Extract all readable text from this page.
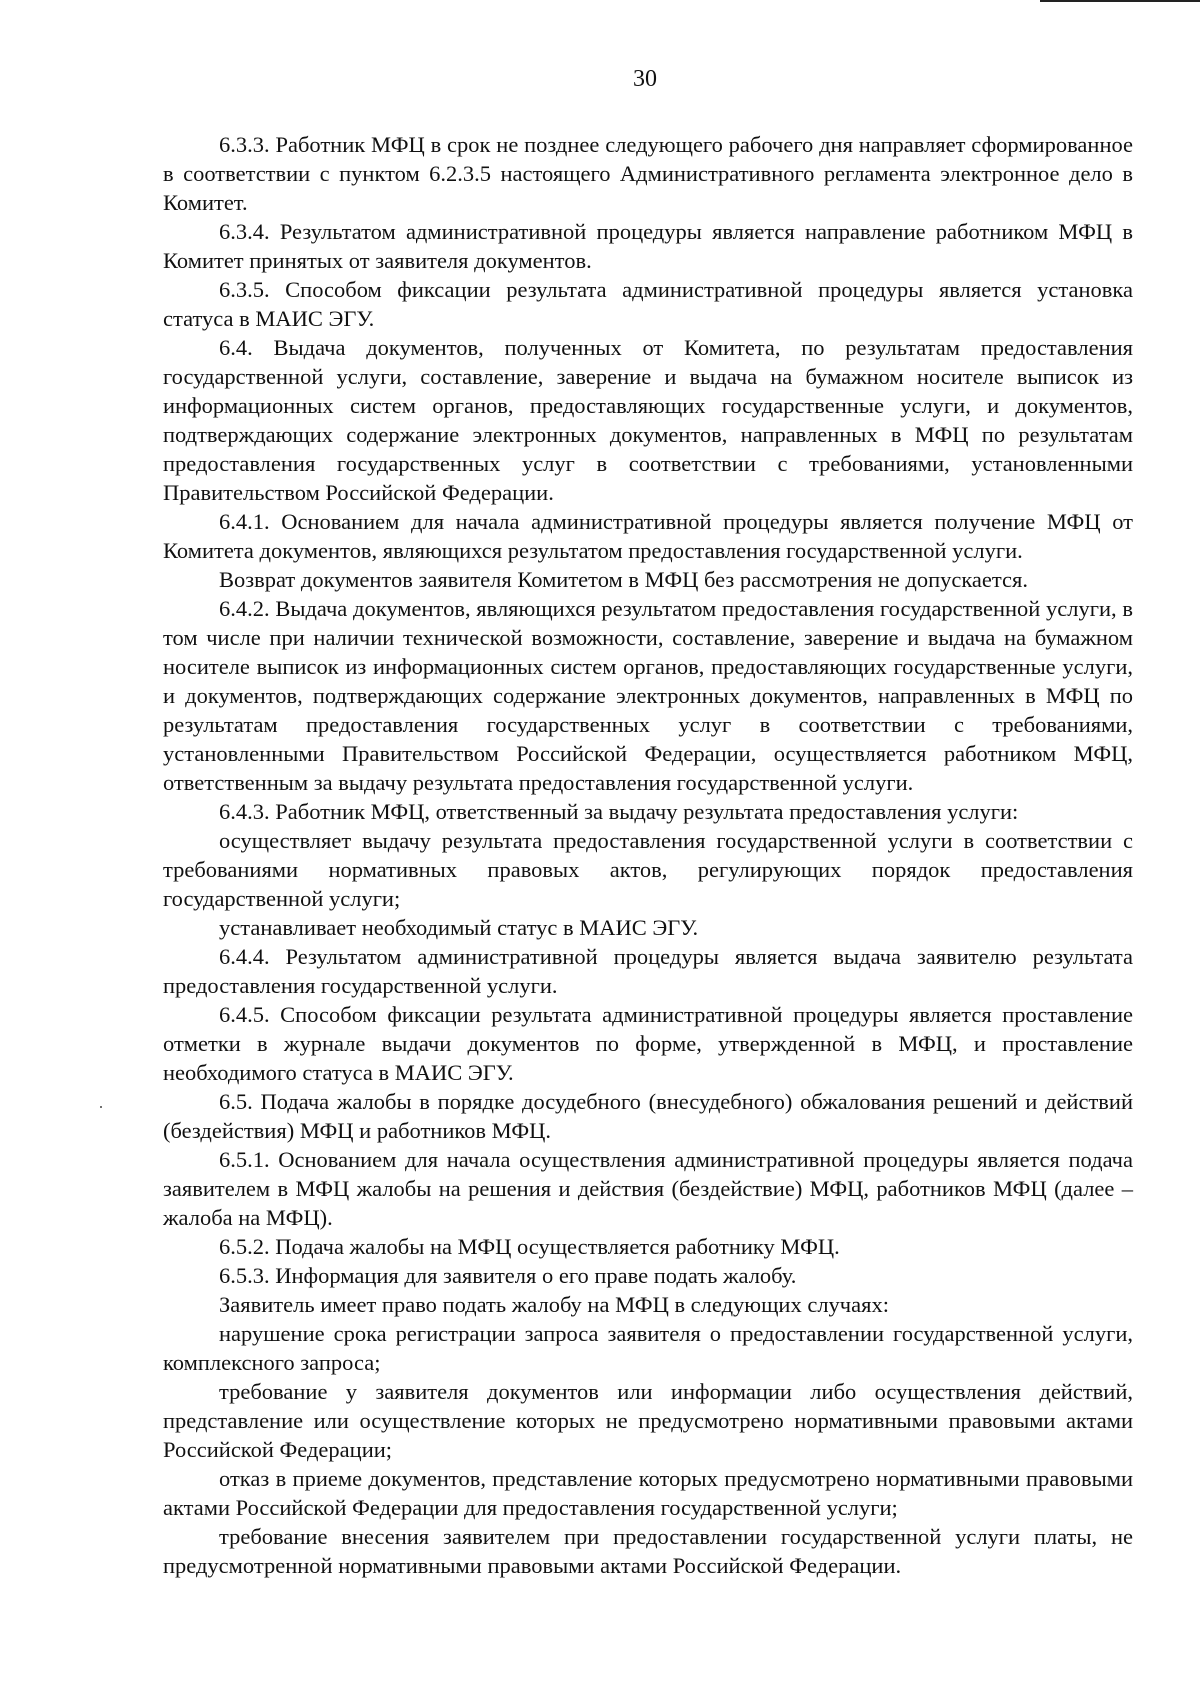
30

6.3.3. Работник МФЦ в срок не позднее следующего рабочего дня направляет сформированное в соответствии с пунктом 6.2.3.5 настоящего Административного регламента электронное дело в Комитет.

6.3.4. Результатом административной процедуры является направление работником МФЦ в Комитет принятых от заявителя документов.

6.3.5. Способом фиксации результата административной процедуры является установка статуса в МАИС ЭГУ.

6.4. Выдача документов, полученных от Комитета, по результатам предоставления государственной услуги, составление, заверение и выдача на бумажном носителе выписок из информационных систем органов, предоставляющих государственные услуги, и документов, подтверждающих содержание электронных документов, направленных в МФЦ по результатам предоставления государственных услуг в соответствии с требованиями, установленными Правительством Российской Федерации.

6.4.1. Основанием для начала административной процедуры является получение МФЦ от Комитета документов, являющихся результатом предоставления государственной услуги.

Возврат документов заявителя Комитетом в МФЦ без рассмотрения не допускается.

6.4.2. Выдача документов, являющихся результатом предоставления государственной услуги, в том числе при наличии технической возможности, составление, заверение и выдача на бумажном носителе выписок из информационных систем органов, предоставляющих государственные услуги, и документов, подтверждающих содержание электронных документов, направленных в МФЦ по результатам предоставления государственных услуг в соответствии с требованиями, установленными Правительством Российской Федерации, осуществляется работником МФЦ, ответственным за выдачу результата предоставления государственной услуги.

6.4.3. Работник МФЦ, ответственный за выдачу результата предоставления услуги:

осуществляет выдачу результата предоставления государственной услуги в соответствии с требованиями нормативных правовых актов, регулирующих порядок предоставления государственной услуги;

устанавливает необходимый статус в МАИС ЭГУ.

6.4.4. Результатом административной процедуры является выдача заявителю результата предоставления государственной услуги.

6.4.5. Способом фиксации результата административной процедуры является проставление отметки в журнале выдачи документов по форме, утвержденной в МФЦ, и проставление необходимого статуса в МАИС ЭГУ.

6.5. Подача жалобы в порядке досудебного (внесудебного) обжалования решений и действий (бездействия) МФЦ и работников МФЦ.

6.5.1. Основанием для начала осуществления административной процедуры является подача заявителем в МФЦ жалобы на решения и действия (бездействие) МФЦ, работников МФЦ (далее – жалоба на МФЦ).

6.5.2. Подача жалобы на МФЦ осуществляется работнику МФЦ.

6.5.3. Информация для заявителя о его праве подать жалобу.

Заявитель имеет право подать жалобу на МФЦ в следующих случаях:

нарушение срока регистрации запроса заявителя о предоставлении государственной услуги, комплексного запроса;

требование у заявителя документов или информации либо осуществления действий, представление или осуществление которых не предусмотрено нормативными правовыми актами Российской Федерации;

отказ в приеме документов, представление которых предусмотрено нормативными правовыми актами Российской Федерации для предоставления государственной услуги;

требование внесения заявителем при предоставлении государственной услуги платы, не предусмотренной нормативными правовыми актами Российской Федерации.
